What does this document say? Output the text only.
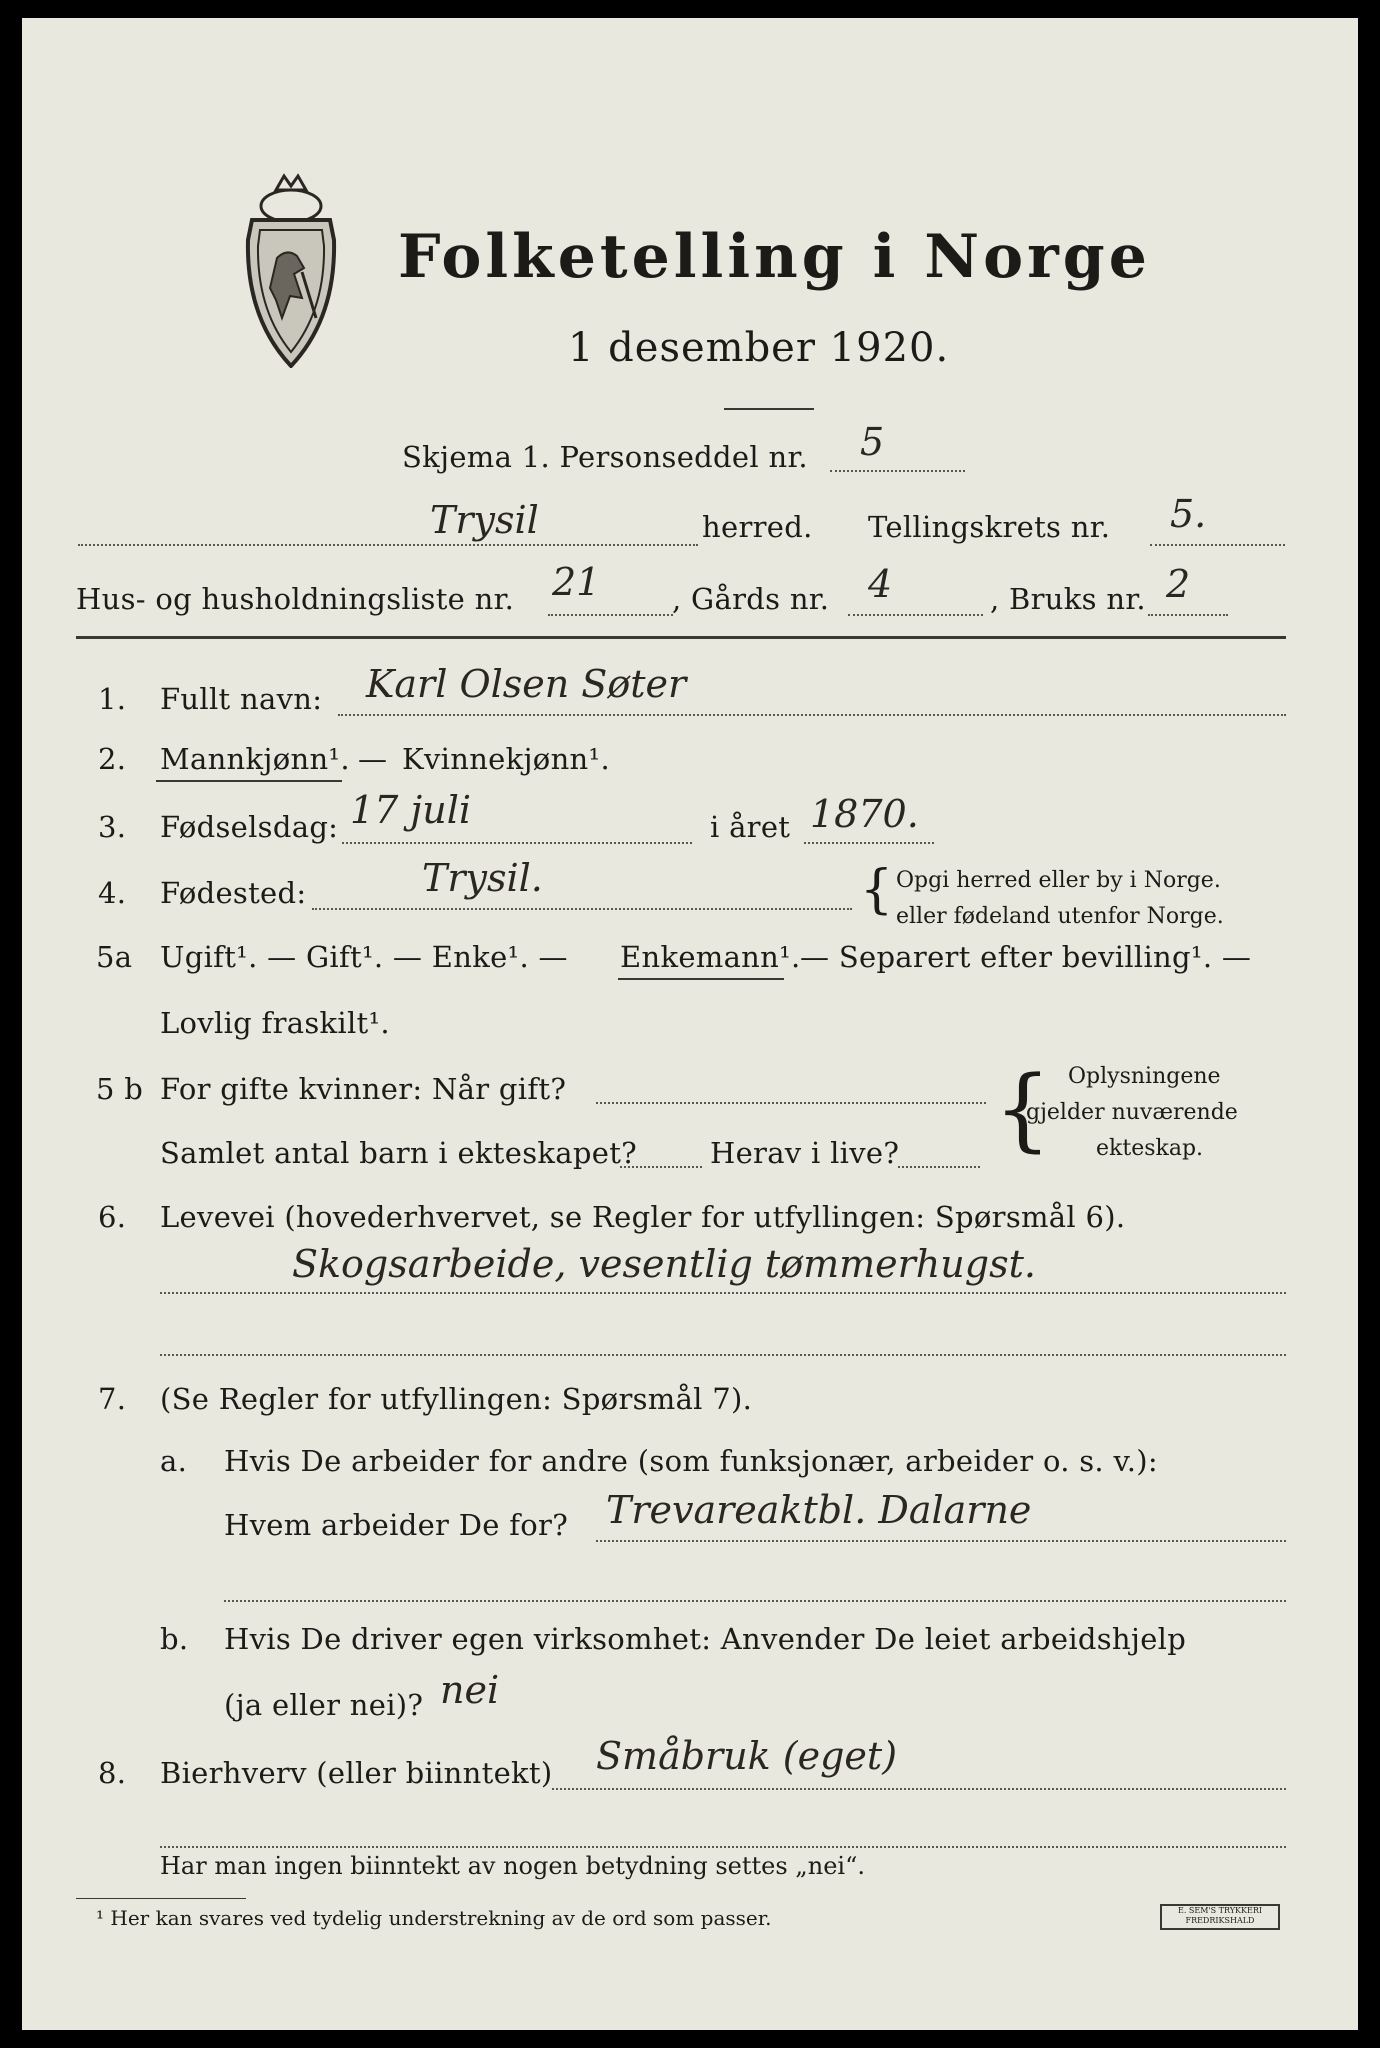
Folketelling i Norge
1 desember 1920.
Skjema 1. Personseddel nr. 5
Trysil	herred. Tellingskrets nr. 5.
Hus- og husholdningsliste nr. 21 , Gårds nr. 4	, Bruks nr. 2
1. Fullt navn: Karl Olsen Søter
2. Mannkjønn¹. — Kvinnekjønn¹.
3. Fødselsdag: 17 juli	i året 1870.
4. Fødested:	Trysil.	{ Opgi herred eller by i Norge.
eller fødeland utenfor Norge.
5a Ugift¹. — Gift¹. — Enke¹. — Enkemann¹. — Separert efter bevilling¹. —
Lovlig fraskilt¹.
5 b For gifte kvinner: Når gift?
Samlet antal barn i ekteskapet?	Herav i live? { Oplysningene
gjelder nuværende
ekteskap.
6. Levevei (hovederhvervet, se Regler for utfyllingen: Spørsmål 6).
Skogsarbeide, vesentlig tømmerhugst.
7. (Se Regler for utfyllingen: Spørsmål 7).
a. Hvis De arbeider for andre (som funksjonær, arbeider o. s. v.):
Hvem arbeider De for? Trevareaktbl. Dalarne
b. Hvis De driver egen virksomhet: Anvender De leiet arbeidshjelp
(ja eller nei)? nei
8. Bierhverv (eller biinntekt) Småbruk (eget)
Har man ingen biinntekt av nogen betydning settes „nei“.
¹ Her kan svares ved tydelig understrekning av de ord som passer.	E. SEM'S TRYKKERI FREDRIKSHALD
